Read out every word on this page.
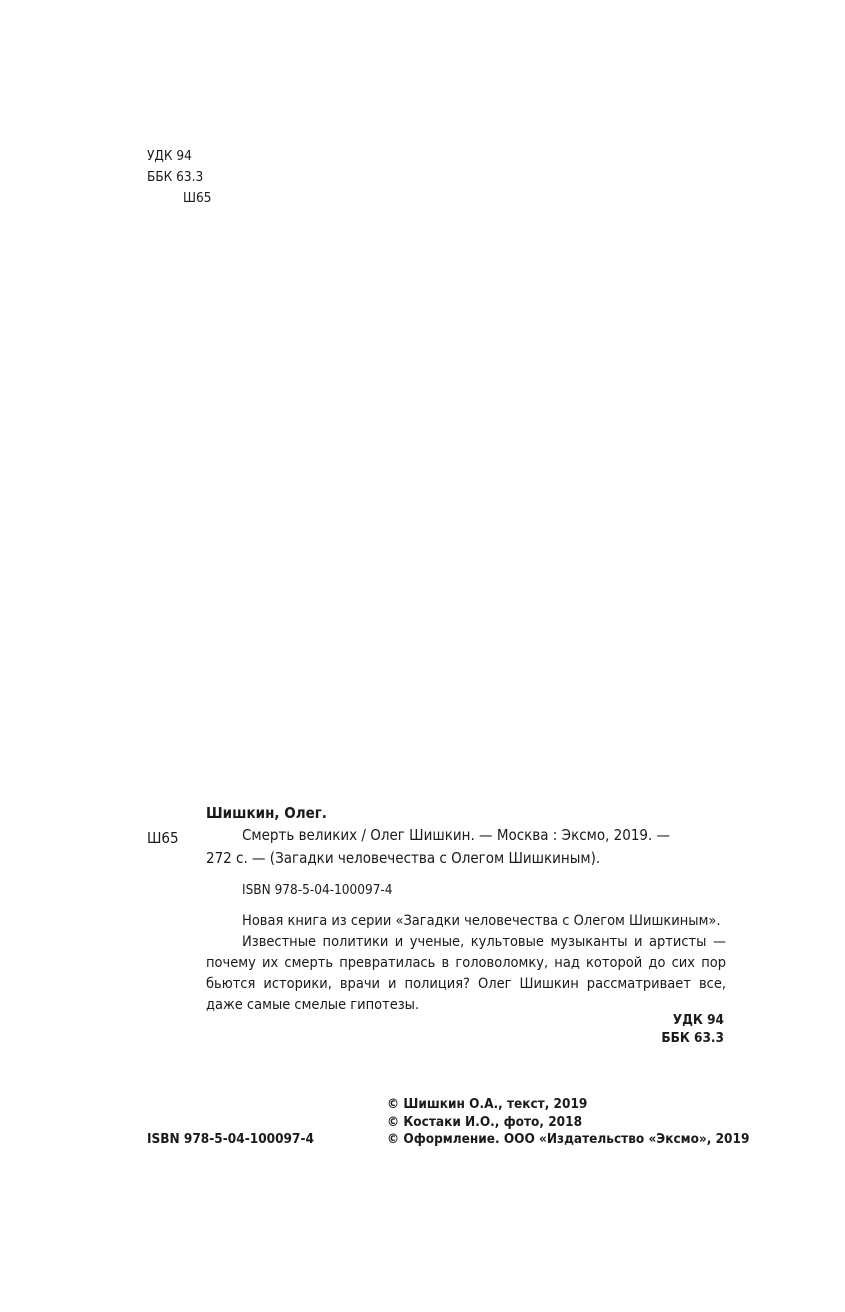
УДК 94
ББК 63.3
Ш65
Шишкин, Олег.
Ш65	Смерть великих / Олег Шишкин. — Москва : Эксмо, 2019. —
272 с. — (Загадки человечества с Олегом Шишкиным).
ISBN 978-5-04-100097-4

Новая книга из серии «Загадки человечества с Олегом Шишкиным».

Известные политики и ученые, культовые музыканты и артисты — почему их смерть превратилась в головоломку, над которой до сих пор бьются историки, врачи и полиция? Олег Шишкин рассматривает все, даже самые смелые гипотезы.

УДК 94
ББК 63.3
ISBN 978-5-04-100097-4
© Шишкин О.А., текст, 2019
© Костаки И.О., фото, 2018
© Оформление. ООО «Издательство «Эксмо», 2019
